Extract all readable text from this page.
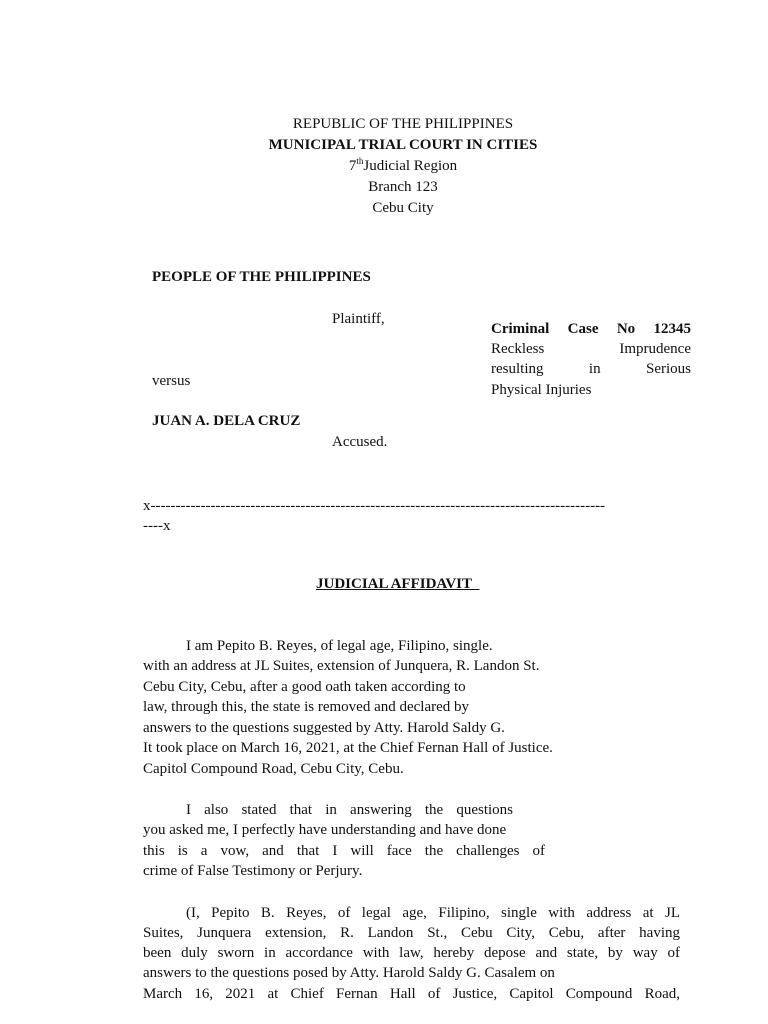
REPUBLIC OF THE PHILIPPINES
MUNICIPAL TRIAL COURT IN CITIES
7thJudicial Region
Branch 123
Cebu City
PEOPLE OF THE PHILIPPINES
Plaintiff,
versus
JUAN A. DELA CRUZ
Accused.
Criminal Case No 12345
Reckless Imprudence
resulting in Serious
Physical Injuries
x-------------------------------------------------------------------------------------------
----x
JUDICIAL AFFIDAVIT
I am Pepito B. Reyes, of legal age, Filipino, single.
with an address at JL Suites, extension of Junquera, R. Landon St.
Cebu City, Cebu, after a good oath taken according to
law, through this, the state is removed and declared by
answers to the questions suggested by Atty. Harold Saldy G.
It took place on March 16, 2021, at the Chief Fernan Hall of Justice.
Capitol Compound Road, Cebu City, Cebu.
I also stated that in answering the questions
you asked me, I perfectly have understanding and have done
this is a vow, and that I will face the challenges of
crime of False Testimony or Perjury.
(I, Pepito B. Reyes, of legal age, Filipino, single with address at JL
Suites, Junquera extension, R. Landon St., Cebu City, Cebu, after having
been duly sworn in accordance with law, hereby depose and state, by way of
answers to the questions posed by Atty. Harold Saldy G. Casalem on
March 16, 2021 at Chief Fernan Hall of Justice, Capitol Compound Road,
